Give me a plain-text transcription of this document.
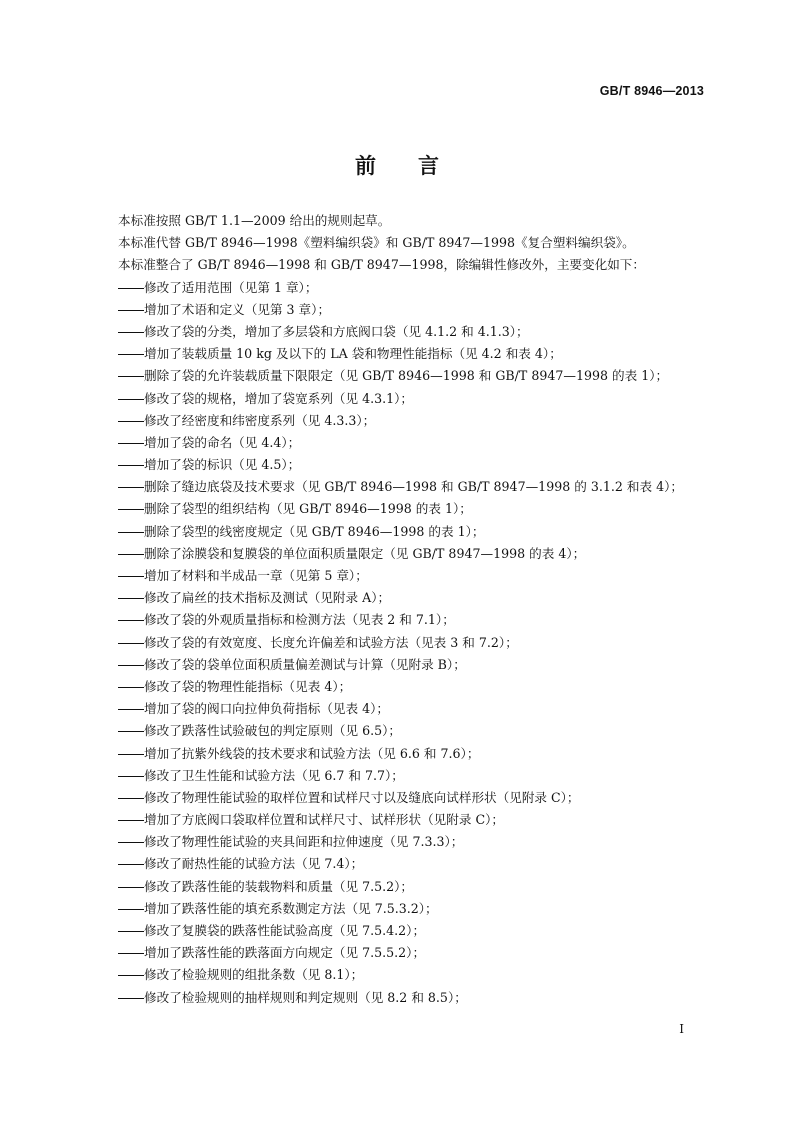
GB/T 8946—2013
前　　言
本标准按照 GB/T 1.1—2009 给出的规则起草。
本标准代替 GB/T 8946—1998《塑料编织袋》和 GB/T 8947—1998《复合塑料编织袋》。
本标准整合了 GB/T 8946—1998 和 GB/T 8947—1998，除编辑性修改外，主要变化如下：
修改了适用范围（见第 1 章）；
增加了术语和定义（见第 3 章）；
修改了袋的分类，增加了多层袋和方底阀口袋（见 4.1.2 和 4.1.3）；
增加了装载质量 10 kg 及以下的 LA 袋和物理性能指标（见 4.2 和表 4）；
删除了袋的允许装载质量下限限定（见 GB/T 8946—1998 和 GB/T 8947—1998 的表 1）；
修改了袋的规格，增加了袋宽系列（见 4.3.1）；
修改了经密度和纬密度系列（见 4.3.3）；
增加了袋的命名（见 4.4）；
增加了袋的标识（见 4.5）；
删除了缝边底袋及技术要求（见 GB/T 8946—1998 和 GB/T 8947—1998 的 3.1.2 和表 4）；
删除了袋型的组织结构（见 GB/T 8946—1998 的表 1）；
删除了袋型的线密度规定（见 GB/T 8946—1998 的表 1）；
删除了涂膜袋和复膜袋的单位面积质量限定（见 GB/T 8947—1998 的表 4）；
增加了材料和半成品一章（见第 5 章）；
修改了扁丝的技术指标及测试（见附录 A）；
修改了袋的外观质量指标和检测方法（见表 2 和 7.1）；
修改了袋的有效宽度、长度允许偏差和试验方法（见表 3 和 7.2）；
修改了袋的袋单位面积质量偏差测试与计算（见附录 B）；
修改了袋的物理性能指标（见表 4）；
增加了袋的阀口向拉伸负荷指标（见表 4）；
修改了跌落性试验破包的判定原则（见 6.5）；
增加了抗紫外线袋的技术要求和试验方法（见 6.6 和 7.6）；
修改了卫生性能和试验方法（见 6.7 和 7.7）；
修改了物理性能试验的取样位置和试样尺寸以及缝底向试样形状（见附录 C）；
增加了方底阀口袋取样位置和试样尺寸、试样形状（见附录 C）；
修改了物理性能试验的夹具间距和拉伸速度（见 7.3.3）；
修改了耐热性能的试验方法（见 7.4）；
修改了跌落性能的装载物料和质量（见 7.5.2）；
增加了跌落性能的填充系数测定方法（见 7.5.3.2）；
修改了复膜袋的跌落性能试验高度（见 7.5.4.2）；
增加了跌落性能的跌落面方向规定（见 7.5.5.2）；
修改了检验规则的组批条数（见 8.1）；
修改了检验规则的抽样规则和判定规则（见 8.2 和 8.5）；
I
